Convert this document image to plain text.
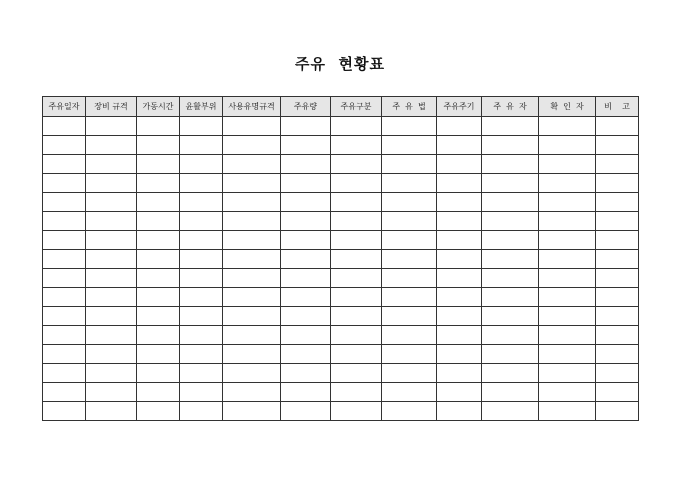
주유  현황표
주유일자	장비 규격	가동시간	윤활부위	사용유명규격	주유량	주유구분	주  유  법	주유주기	주  유  자	확  인  자	비    고
